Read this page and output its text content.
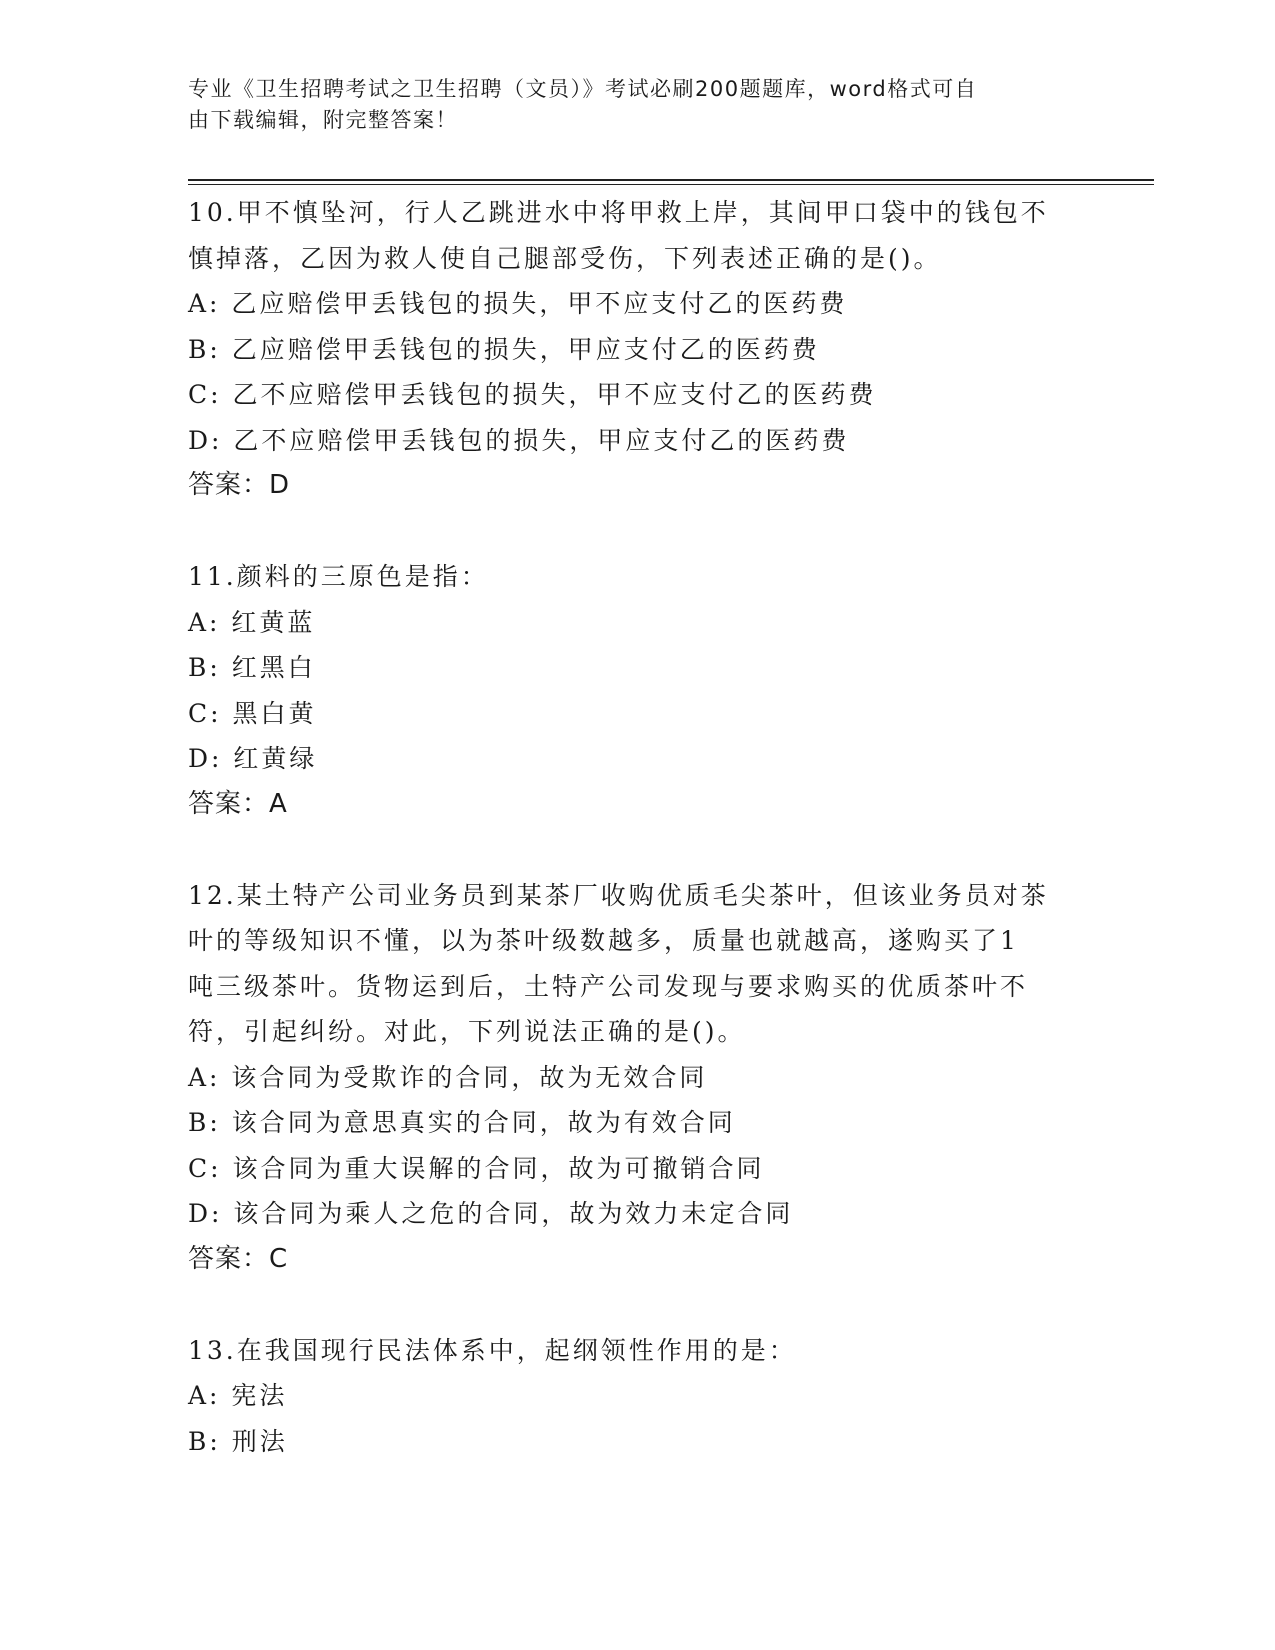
专业《卫生招聘考试之卫生招聘（文员）》考试必刷200题题库，word格式可自
由下载编辑，附完整答案！
10.甲不慎坠河，行人乙跳进水中将甲救上岸，其间甲口袋中的钱包不
慎掉落，乙因为救人使自己腿部受伤，下列表述正确的是()。
A: 乙应赔偿甲丢钱包的损失，甲不应支付乙的医药费
B: 乙应赔偿甲丢钱包的损失，甲应支付乙的医药费
C: 乙不应赔偿甲丢钱包的损失，甲不应支付乙的医药费
D: 乙不应赔偿甲丢钱包的损失，甲应支付乙的医药费
答案：D
11.颜料的三原色是指：
A: 红黄蓝
B: 红黑白
C: 黑白黄
D: 红黄绿
答案：A
12.某土特产公司业务员到某茶厂收购优质毛尖茶叶，但该业务员对茶
叶的等级知识不懂，以为茶叶级数越多，质量也就越高，遂购买了1
吨三级茶叶。货物运到后，土特产公司发现与要求购买的优质茶叶不
符，引起纠纷。对此，下列说法正确的是()。
A: 该合同为受欺诈的合同，故为无效合同
B: 该合同为意思真实的合同，故为有效合同
C: 该合同为重大误解的合同，故为可撤销合同
D: 该合同为乘人之危的合同，故为效力未定合同
答案：C
13.在我国现行民法体系中，起纲领性作用的是：
A: 宪法
B: 刑法
